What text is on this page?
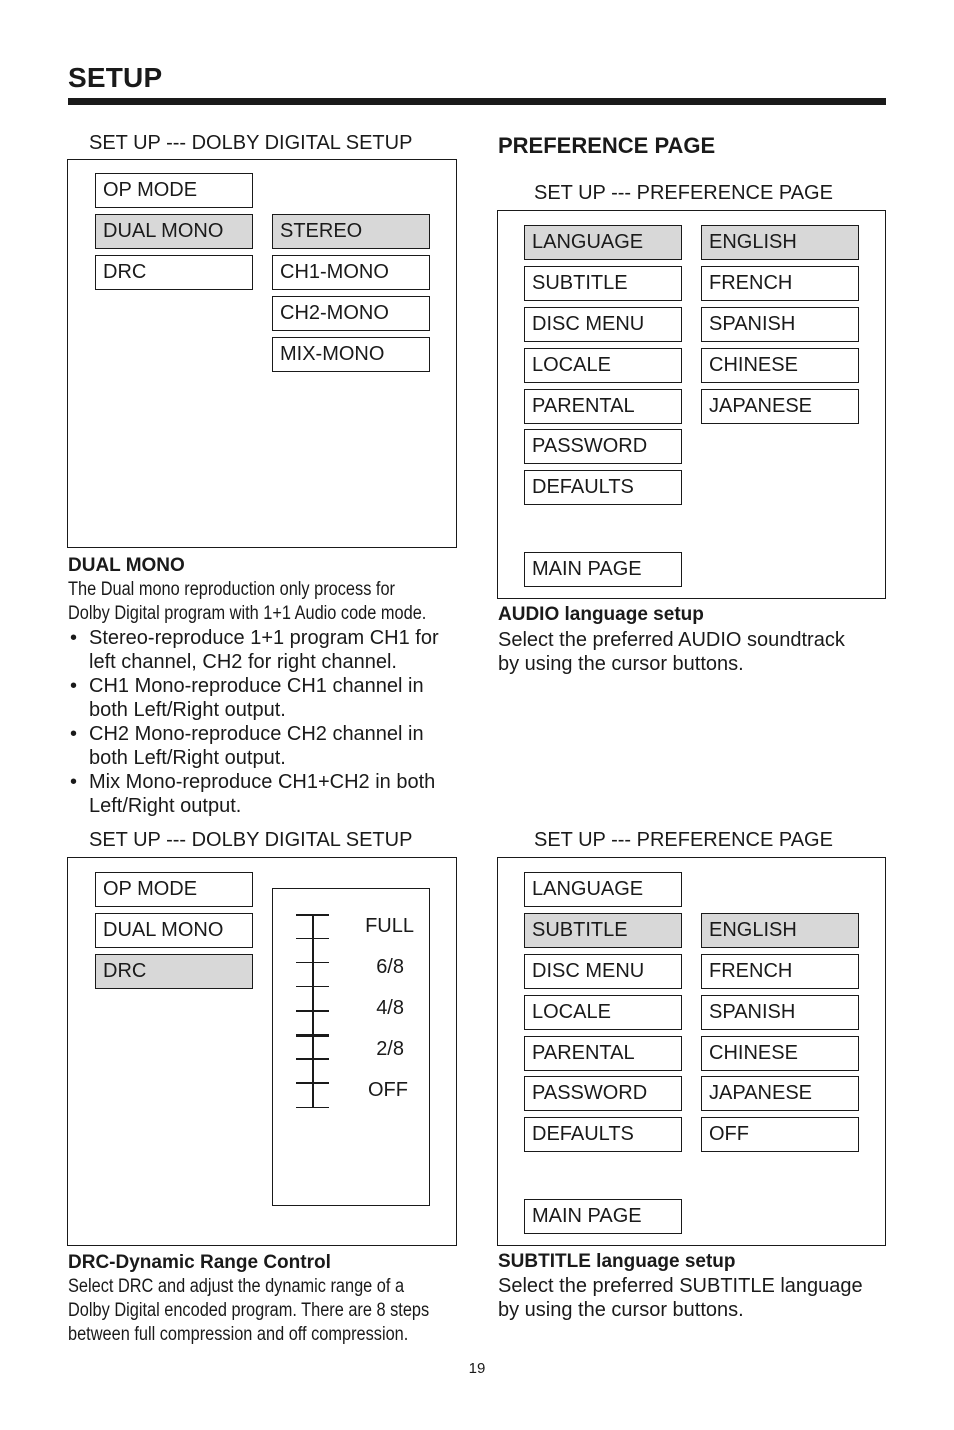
SETUP
SET UP --- DOLBY DIGITAL SETUP
OP MODE
DUAL MONO
DRC
STEREO
CH1-MONO
CH2-MONO
MIX-MONO
DUAL MONO
The Dual mono reproduction only process for
Dolby Digital program with 1+1 Audio code mode.
• Stereo-reproduce 1+1 program CH1 for left channel, CH2 for right channel.
• CH1 Mono-reproduce CH1 channel in both Left/Right output.
• CH2 Mono-reproduce CH2 channel in both Left/Right output.
• Mix Mono-reproduce CH1+CH2 in both Left/Right output.
PREFERENCE PAGE
SET UP --- PREFERENCE PAGE
LANGUAGE
SUBTITLE
DISC MENU
LOCALE
PARENTAL
PASSWORD
DEFAULTS
MAIN PAGE
ENGLISH
FRENCH
SPANISH
CHINESE
JAPANESE
AUDIO language setup
Select the preferred AUDIO soundtrack
by using the cursor buttons.
SET UP --- DOLBY DIGITAL SETUP
OP MODE
DUAL MONO
DRC
FULL
6/8
4/8
2/8
OFF
DRC-Dynamic Range Control
Select DRC and adjust the dynamic range of a
Dolby Digital encoded program. There are 8 steps
between full compression and off compression.
SET UP --- PREFERENCE PAGE
LANGUAGE
SUBTITLE
DISC MENU
LOCALE
PARENTAL
PASSWORD
DEFAULTS
MAIN PAGE
ENGLISH
FRENCH
SPANISH
CHINESE
JAPANESE
OFF
SUBTITLE language setup
Select the preferred SUBTITLE language
by using the cursor buttons.
19
